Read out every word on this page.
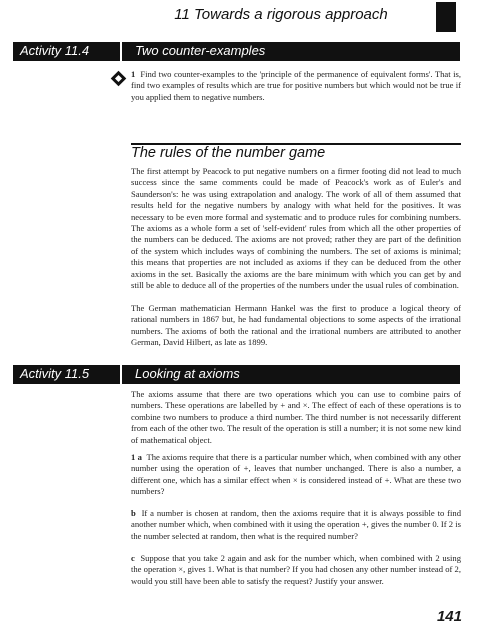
11 Towards a rigorous approach
Activity 11.4	Two counter-examples

1 Find two counter-examples to the 'principle of the permanence of equivalent forms'. That is, find two examples of results which are true for positive numbers but which would not be true if you applied them to negative numbers.

The rules of the number game

The first attempt by Peacock to put negative numbers on a firmer footing did not lead to much success since the same comments could be made of Peacock's work as of Euler's and Saunderson's: he was using extrapolation and analogy. The work of all of them assumed that results held for the negative numbers by analogy with what held for the positives. It was necessary to be even more formal and systematic and to produce rules for combining numbers. The axioms as a whole form a set of 'self-evident' rules from which all the other properties of the numbers can be deduced. The axioms are not proved; rather they are part of the definition of the system which includes ways of combining the numbers. The set of axioms is minimal; this means that properties are not included as axioms if they can be deduced from the other axioms in the set. Basically the axioms are the bare minimum with which you can get by and still be able to deduce all of the properties of the numbers under the usual rules of combination.

The German mathematician Hermann Hankel was the first to produce a logical theory of rational numbers in 1867 but, he had fundamental objections to some aspects of the irrational numbers. The axioms of both the rational and the irrational numbers are attributed to another German, David Hilbert, as late as 1899.

Activity 11.5	Looking at axioms

The axioms assume that there are two operations which you can use to combine pairs of numbers. These operations are labelled by + and ×. The effect of each of these operations is to combine two numbers to produce a third number. The third number is not necessarily different from each of the other two. The result of the operation is still a number; it is not some new kind of mathematical object.

1 a The axioms require that there is a particular number which, when combined with any other number using the operation of +, leaves that number unchanged. There is also a number, a different one, which has a similar effect when × is considered instead of +. What are these two numbers?

b If a number is chosen at random, then the axioms require that it is always possible to find another number which, when combined with it using the operation +, gives the number 0. If 2 is the number selected at random, then what is the required number?

c Suppose that you take 2 again and ask for the number which, when combined with 2 using the operation ×, gives 1. What is that number? If you had chosen any other number instead of 2, would you still have been able to satisfy the request? Justify your answer.

141
